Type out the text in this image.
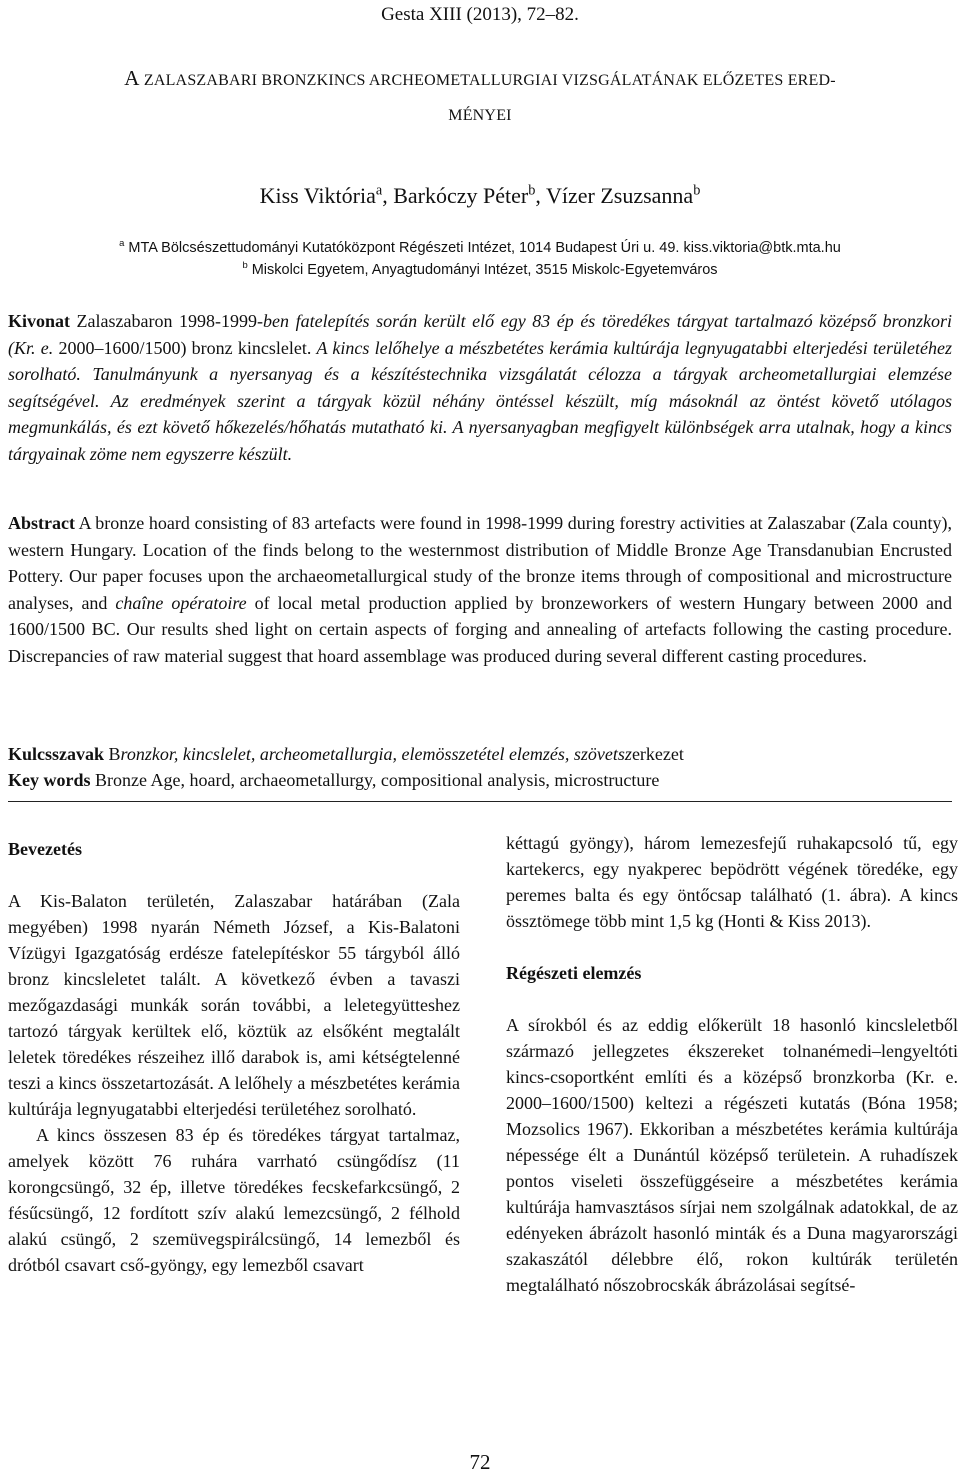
Gesta XIII (2013), 72–82.
A ZALASZABARI BRONZKINCS ARCHEOMETALLURGIAI VIZSGÁLATÁNAK ELŐZETES ERED-
MÉNYEI
Kiss Viktória$^a$, Barkóczy Péter$^b$, Vízer Zsuzsanna$^b$
$^a$ MTA Bölcsészettudományi Kutatóközpont Régészeti Intézet, 1014 Budapest Úri u. 49. kiss.viktoria@btk.mta.hu
$^b$ Miskolci Egyetem, Anyagtudományi Intézet, 3515 Miskolc-Egyetemváros
Kivonat Zalaszabaron 1998-1999-ben fatelepítés során került elő egy 83 ép és töredékes tárgyat tartalmazó középső bronzkori (Kr. e. 2000–1600/1500) bronz kincslelet. A kincs lelőhelye a mészbetétes kerámia kultúrája legnyugatabbi elterjedési területéhez sorolható. Tanulmányunk a nyersanyag és a készítéstechnika vizsgálatát célozza a tárgyak archeometallurgiai elemzése segítségével. Az eredmények szerint a tárgyak közül néhány öntéssel készült, míg másoknál az öntést követő utólagos megmunkálás, és ezt követő hőkezelés/hőhatás mutatható ki. A nyersanyagban megfigyelt különbségek arra utalnak, hogy a kincs tárgyainak zöme nem egyszerre készült.
Abstract A bronze hoard consisting of 83 artefacts were found in 1998-1999 during forestry activities at Zalaszabar (Zala county), western Hungary. Location of the finds belong to the westernmost distribution of Middle Bronze Age Transdanubian Encrusted Pottery. Our paper focuses upon the archaeometallurgical study of the bronze items through of compositional and microstructure analyses, and chaîne opératoire of local metal production applied by bronzeworkers of western Hungary between 2000 and 1600/1500 BC. Our results shed light on certain aspects of forging and annealing of artefacts following the casting procedure. Discrepancies of raw material suggest that hoard assemblage was produced during several different casting procedures.
Kulcsszavak Bronzkor, kincslelet, archeometallurgia, elemösszetétel elemzés, szövetszerkezet
Key words Bronze Age, hoard, archaeometallurgy, compositional analysis, microstructure
Bevezetés

A Kis-Balaton területén, Zalaszabar határában (Zala megyében) 1998 nyarán Németh József, a Kis-Balatoni Vízügyi Igazgatóság erdésze fatelepítéskor 55 tárgyból álló bronz kincsleletet talált. A következő évben a tavaszi mezőgazdasági munkák során további, a leletegyütteshez tartozó tárgyak kerültek elő, köztük az elsőként megtalált leletek töredékes részeihez illő darabok is, ami kétségtelenné teszi a kincs összetartozását. A lelőhely a mészbetétes kerámia kultúrája legnyugatabbi elterjedési területéhez sorolható.

A kincs összesen 83 ép és töredékes tárgyat tartalmaz, amelyek között 76 ruhára varrható csüngődísz (11 korongcsüngő, 32 ép, illetve töredékes fecskefarkcsüngő, 2 fésűcsüngő, 12 fordított szív alakú lemezcsüngő, 2 félhold alakú csüngő, 2 szemüvegspirálcsüngő, 14 lemezből és drótból csavart cső-gyöngy, egy lemezből csavart

kéttagú gyöngy), három lemezesfejű ruhakapcsoló tű, egy kartekercs, egy nyakperec bepödrött végének töredéke, egy peremes balta és egy öntőcsap található (1. ábra). A kincs össztömege több mint 1,5 kg (Honti & Kiss 2013).

Régészeti elemzés

A sírokból és az eddig előkerült 18 hasonló kincsleletből származó jellegzetes ékszereket tolnanémedi–lengyeltóti kincs-csoportként említi és a középső bronzkorba (Kr. e. 2000–1600/1500) keltezi a régészeti kutatás (Bóna 1958; Mozsolics 1967). Ekkoriban a mészbetétes kerámia kultúrája népessége élt a Dunántúl középső területein. A ruhadíszek pontos viseleti összefüggéseire a mészbetétes kerámia kultúrája hamvasztásos sírjai nem szolgálnak adatokkal, de az edényeken ábrázolt hasonló minták és a Duna magyarországi szakaszától délebbre élő, rokon kultúrák területén megtalálható nőszobrocskák ábrázolásai segítsé-

72
